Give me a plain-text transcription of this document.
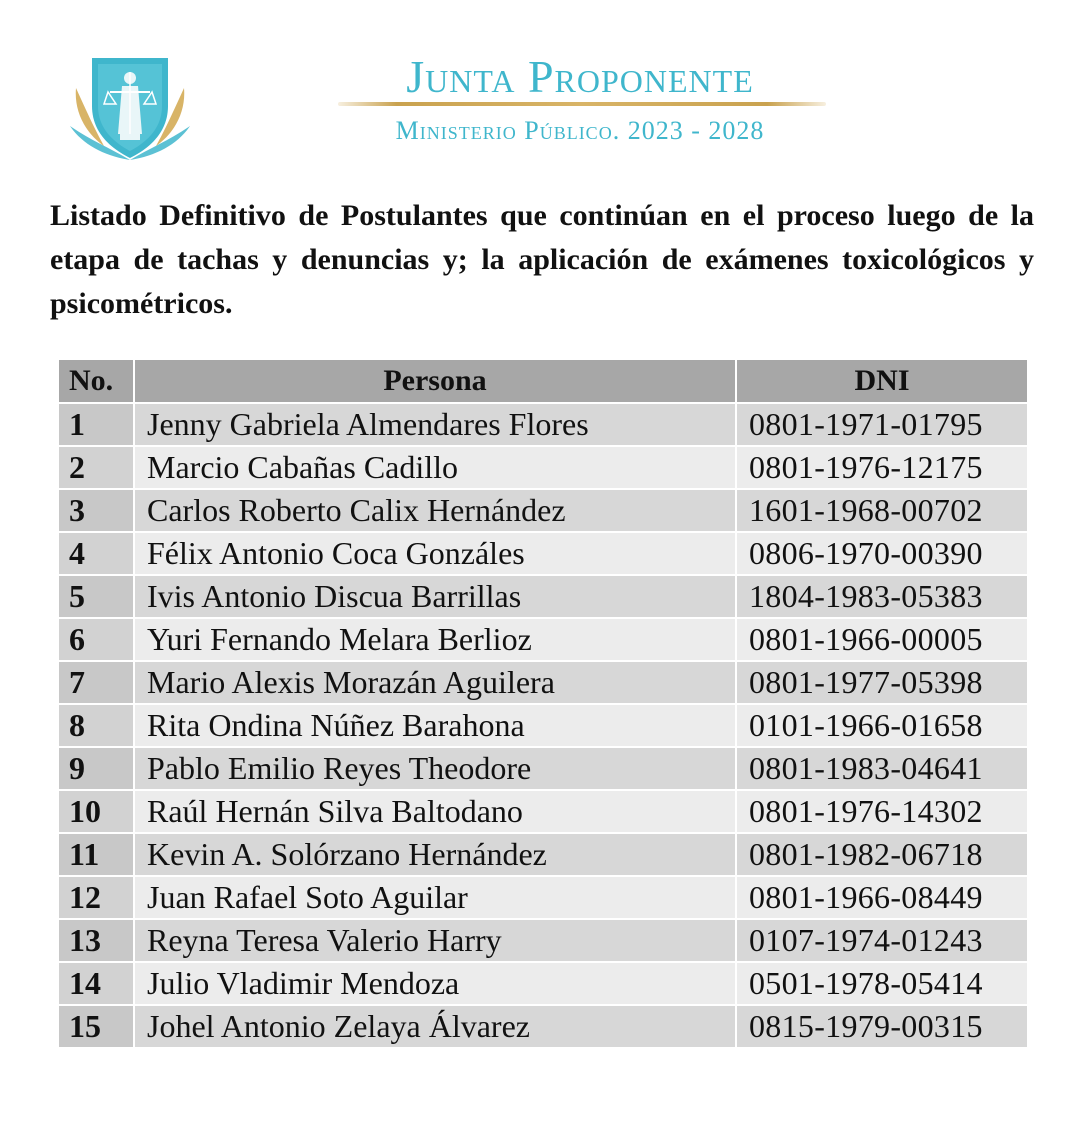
Junta Proponente
Ministerio Público. 2023 - 2028

Listado Definitivo de Postulantes que continúan en el proceso luego de la etapa de tachas y denuncias y; la aplicación de exámenes toxicológicos y psicométricos.

No.	Persona	DNI
1	Jenny Gabriela Almendares Flores	0801-1971-01795
2	Marcio Cabañas Cadillo	0801-1976-12175
3	Carlos Roberto Calix Hernández	1601-1968-00702
4	Félix Antonio Coca Gonzáles	0806-1970-00390
5	Ivis Antonio Discua Barrillas	1804-1983-05383
6	Yuri Fernando Melara Berlioz	0801-1966-00005
7	Mario Alexis Morazán Aguilera	0801-1977-05398
8	Rita Ondina Núñez Barahona	0101-1966-01658
9	Pablo Emilio Reyes Theodore	0801-1983-04641
10	Raúl Hernán Silva Baltodano	0801-1976-14302
11	Kevin A. Solórzano Hernández	0801-1982-06718
12	Juan Rafael Soto Aguilar	0801-1966-08449
13	Reyna Teresa Valerio Harry	0107-1974-01243
14	Julio Vladimir Mendoza	0501-1978-05414
15	Johel Antonio Zelaya Álvarez	0815-1979-00315
